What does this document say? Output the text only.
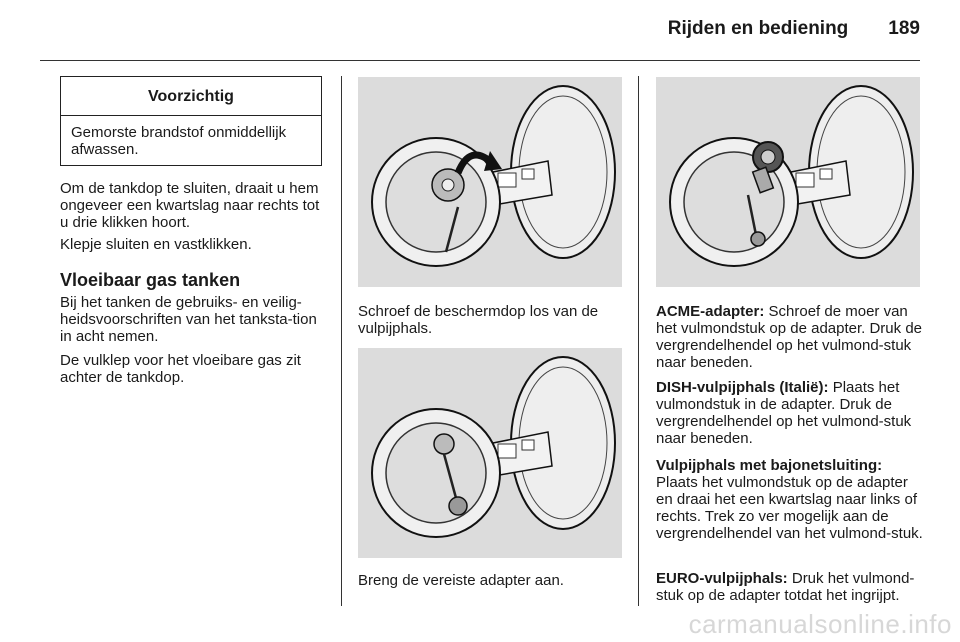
Rijden en bediening 189
Voorzichtig
Gemorste brandstof onmiddellijk afwassen.
Om de tankdop te sluiten, draait u hem ongeveer een kwartslag naar rechts tot u drie klikken hoort.
Klepje sluiten en vastklikken.
Vloeibaar gas tanken
Bij het tanken de gebruiks- en veilig-heidsvoorschriften van het tanksta-tion in acht nemen.
De vulklep voor het vloeibare gas zit achter de tankdop.
Schroef de beschermdop los van de vulpijphals.
Breng de vereiste adapter aan.
ACME-adapter: Schroef de moer van het vulmondstuk op de adapter. Druk de vergrendelhendel op het vulmond-stuk naar beneden.
DISH-vulpijphals (Italië): Plaats het vulmondstuk in de adapter. Druk de vergrendelhendel op het vulmond-stuk naar beneden.
Vulpijphals met bajonetsluiting: Plaats het vulmondstuk op de adapter en draai het een kwartslag naar links of rechts. Trek zo ver mogelijk aan de vergrendelhendel van het vulmond-stuk.
EURO-vulpijphals: Druk het vulmond-stuk op de adapter totdat het ingrijpt.
carmanualsonline.info
